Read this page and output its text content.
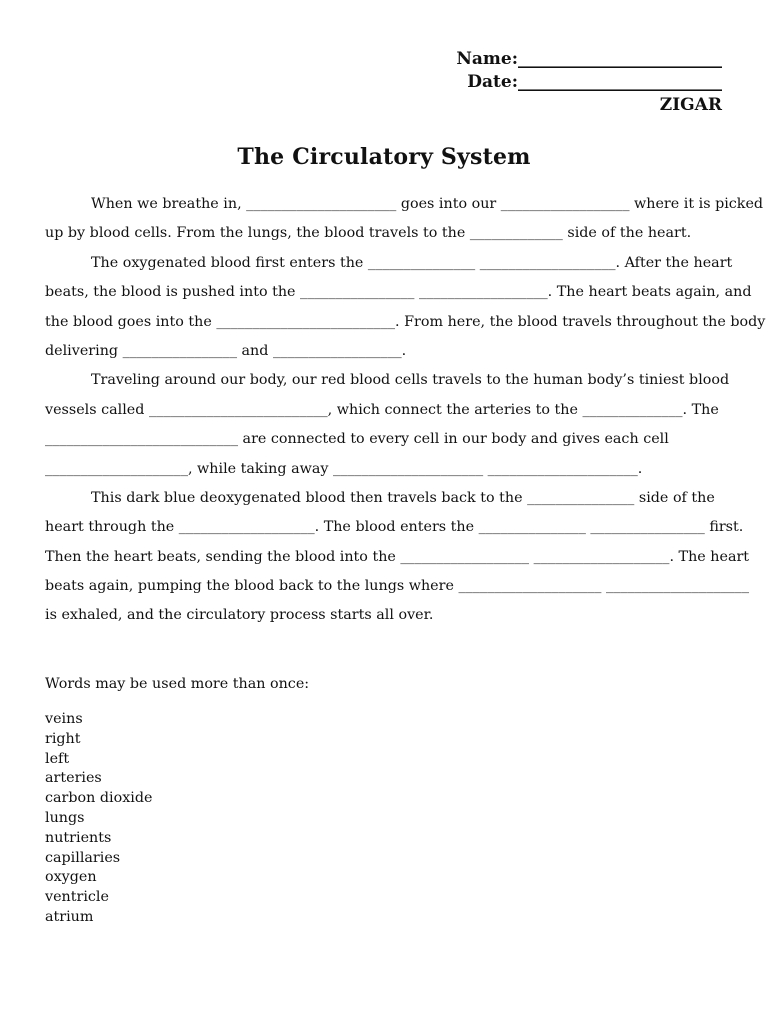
Name:________________________
Date:________________________
ZIGAR
The Circulatory System
When we breathe in, _____________________ goes into our __________________ where it is picked
up by blood cells. From the lungs, the blood travels to the _____________ side of the heart.
The oxygenated blood first enters the _______________ ___________________. After the heart
beats, the blood is pushed into the ________________ __________________. The heart beats again, and
the blood goes into the _________________________. From here, the blood travels throughout the body
delivering ________________ and __________________.
Traveling around our body, our red blood cells travels to the human body’s tiniest blood
vessels called _________________________, which connect the arteries to the ______________. The
___________________________ are connected to every cell in our body and gives each cell
____________________, while taking away _____________________ _____________________.
This dark blue deoxygenated blood then travels back to the _______________ side of the
heart through the ___________________. The blood enters the _______________ ________________ first.
Then the heart beats, sending the blood into the __________________ ___________________. The heart
beats again, pumping the blood back to the lungs where ____________________ ____________________
is exhaled, and the circulatory process starts all over.
Words may be used more than once:
veins
right
left
arteries
carbon dioxide
lungs
nutrients
capillaries
oxygen
ventricle
atrium
